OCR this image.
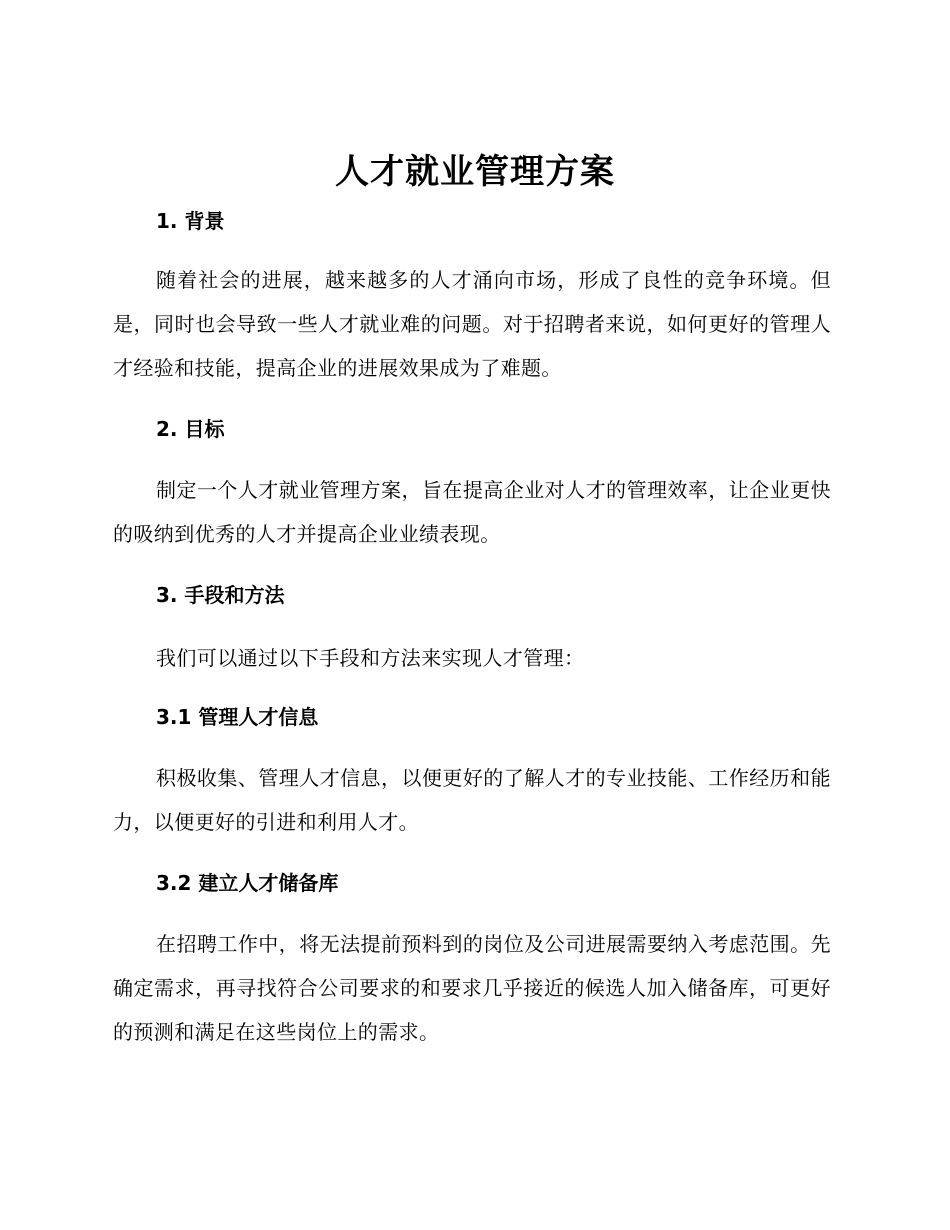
人才就业管理方案
1. 背景

随着社会的进展，越来越多的人才涌向市场，形成了良性的竞争环境。但是，同时也会导致一些人才就业难的问题。对于招聘者来说，如何更好的管理人才经验和技能，提高企业的进展效果成为了难题。

2. 目标

制定一个人才就业管理方案，旨在提高企业对人才的管理效率，让企业更快的吸纳到优秀的人才并提高企业业绩表现。

3. 手段和方法

我们可以通过以下手段和方法来实现人才管理：

3.1 管理人才信息

积极收集、管理人才信息，以便更好的了解人才的专业技能、工作经历和能力，以便更好的引进和利用人才。

3.2 建立人才储备库

在招聘工作中，将无法提前预料到的岗位及公司进展需要纳入考虑范围。先确定需求，再寻找符合公司要求的和要求几乎接近的候选人加入储备库，可更好的预测和满足在这些岗位上的需求。
